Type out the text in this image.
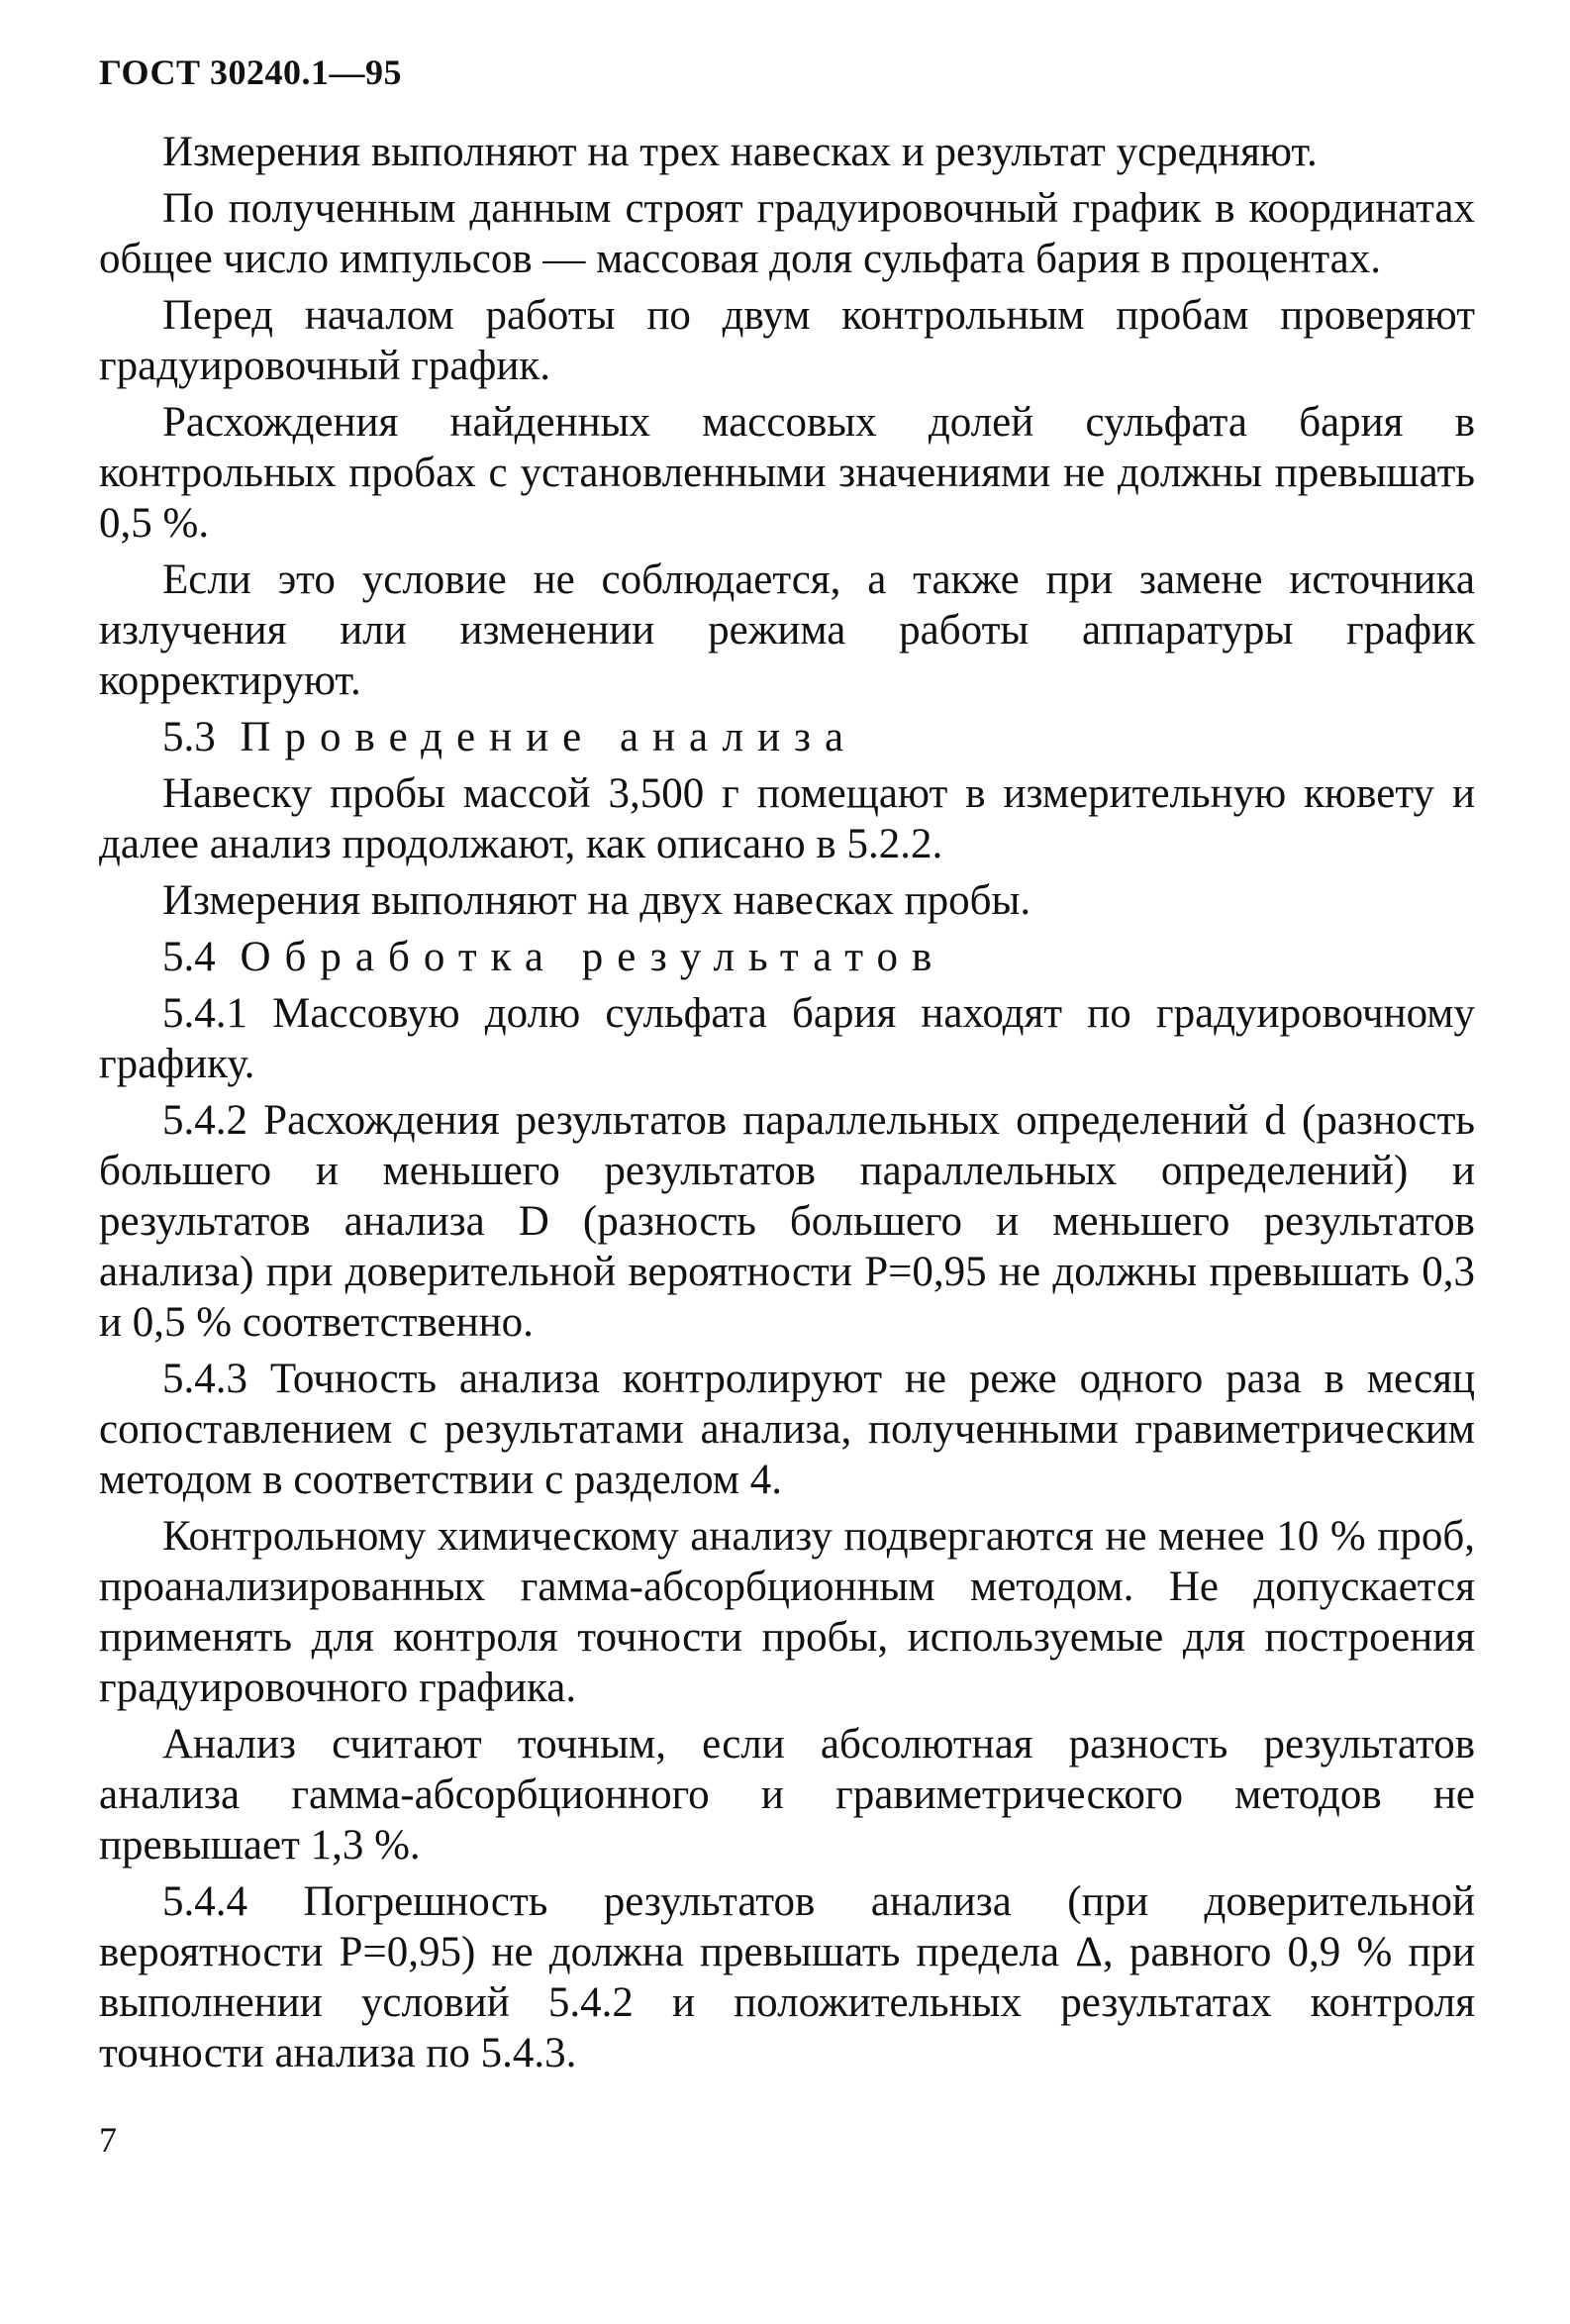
ГОСТ 30240.1—95

Измерения выполняют на трех навесках и результат усредняют.

По полученным данным строят градуировочный график в координатах общее число импульсов — массовая доля сульфата бария в процентах.

Перед началом работы по двум контрольным пробам проверяют градуировочный график.

Расхождения найденных массовых долей сульфата бария в контрольных пробах с установленными значениями не должны превышать 0,5 %.

Если это условие не соблюдается, а также при замене источника излучения или изменении режима работы аппаратуры график корректируют.

5.3 Проведение анализа

Навеску пробы массой 3,500 г помещают в измерительную кювету и далее анализ продолжают, как описано в 5.2.2.

Измерения выполняют на двух навесках пробы.

5.4 Обработка результатов

5.4.1 Массовую долю сульфата бария находят по градуировочному графику.

5.4.2 Расхождения результатов параллельных определений d (разность большего и меньшего результатов параллельных определений) и результатов анализа D (разность большего и меньшего результатов анализа) при доверительной вероятности P=0,95 не должны превышать 0,3 и 0,5 % соответственно.

5.4.3 Точность анализа контролируют не реже одного раза в месяц сопоставлением с результатами анализа, полученными гравиметрическим методом в соответствии с разделом 4.

Контрольному химическому анализу подвергаются не менее 10 % проб, проанализированных гамма-абсорбционным методом. Не допускается применять для контроля точности пробы, используемые для построения градуировочного графика.

Анализ считают точным, если абсолютная разность результатов анализа гамма-абсорбционного и гравиметрического методов не превышает 1,3 %.

5.4.4 Погрешность результатов анализа (при доверительной вероятности P=0,95) не должна превышать предела Δ, равного 0,9 % при выполнении условий 5.4.2 и положительных результатах контроля точности анализа по 5.4.3.

7
